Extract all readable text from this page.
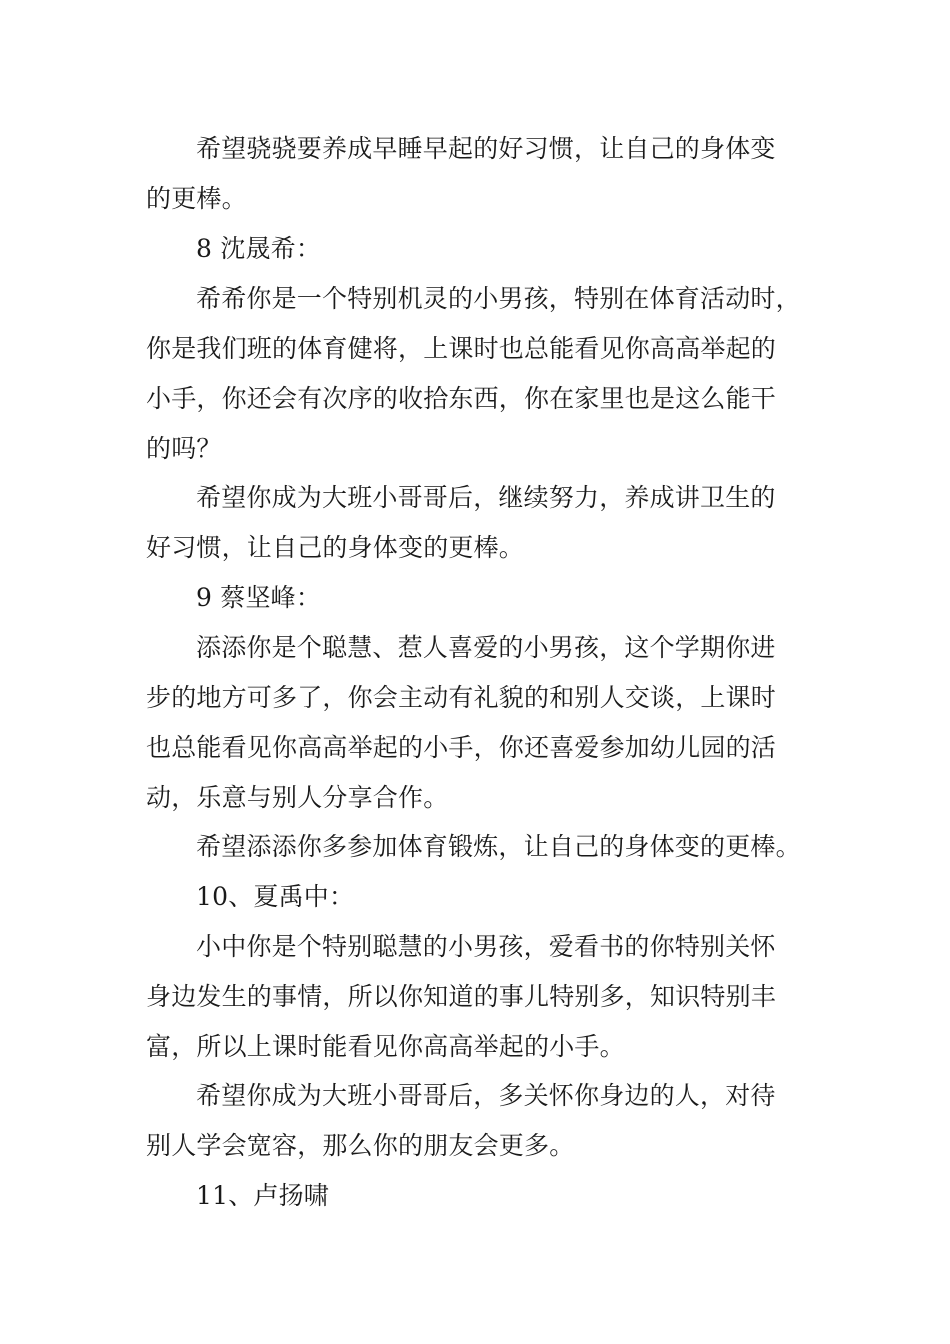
希望骁骁要养成早睡早起的好习惯，让自己的身体变
的更棒。
8 沈晟希：
希希你是一个特别机灵的小男孩，特别在体育活动时，
你是我们班的体育健将，上课时也总能看见你高高举起的
小手，你还会有次序的收拾东西，你在家里也是这么能干
的吗？
希望你成为大班小哥哥后，继续努力，养成讲卫生的
好习惯，让自己的身体变的更棒。
9 蔡坚峰：
添添你是个聪慧、惹人喜爱的小男孩，这个学期你进
步的地方可多了，你会主动有礼貌的和别人交谈，上课时
也总能看见你高高举起的小手，你还喜爱参加幼儿园的活
动，乐意与别人分享合作。
希望添添你多参加体育锻炼，让自己的身体变的更棒。
10、夏禹中：
小中你是个特别聪慧的小男孩，爱看书的你特别关怀
身边发生的事情，所以你知道的事儿特别多，知识特别丰
富，所以上课时能看见你高高举起的小手。
希望你成为大班小哥哥后，多关怀你身边的人，对待
别人学会宽容，那么你的朋友会更多。
11、卢扬啸
